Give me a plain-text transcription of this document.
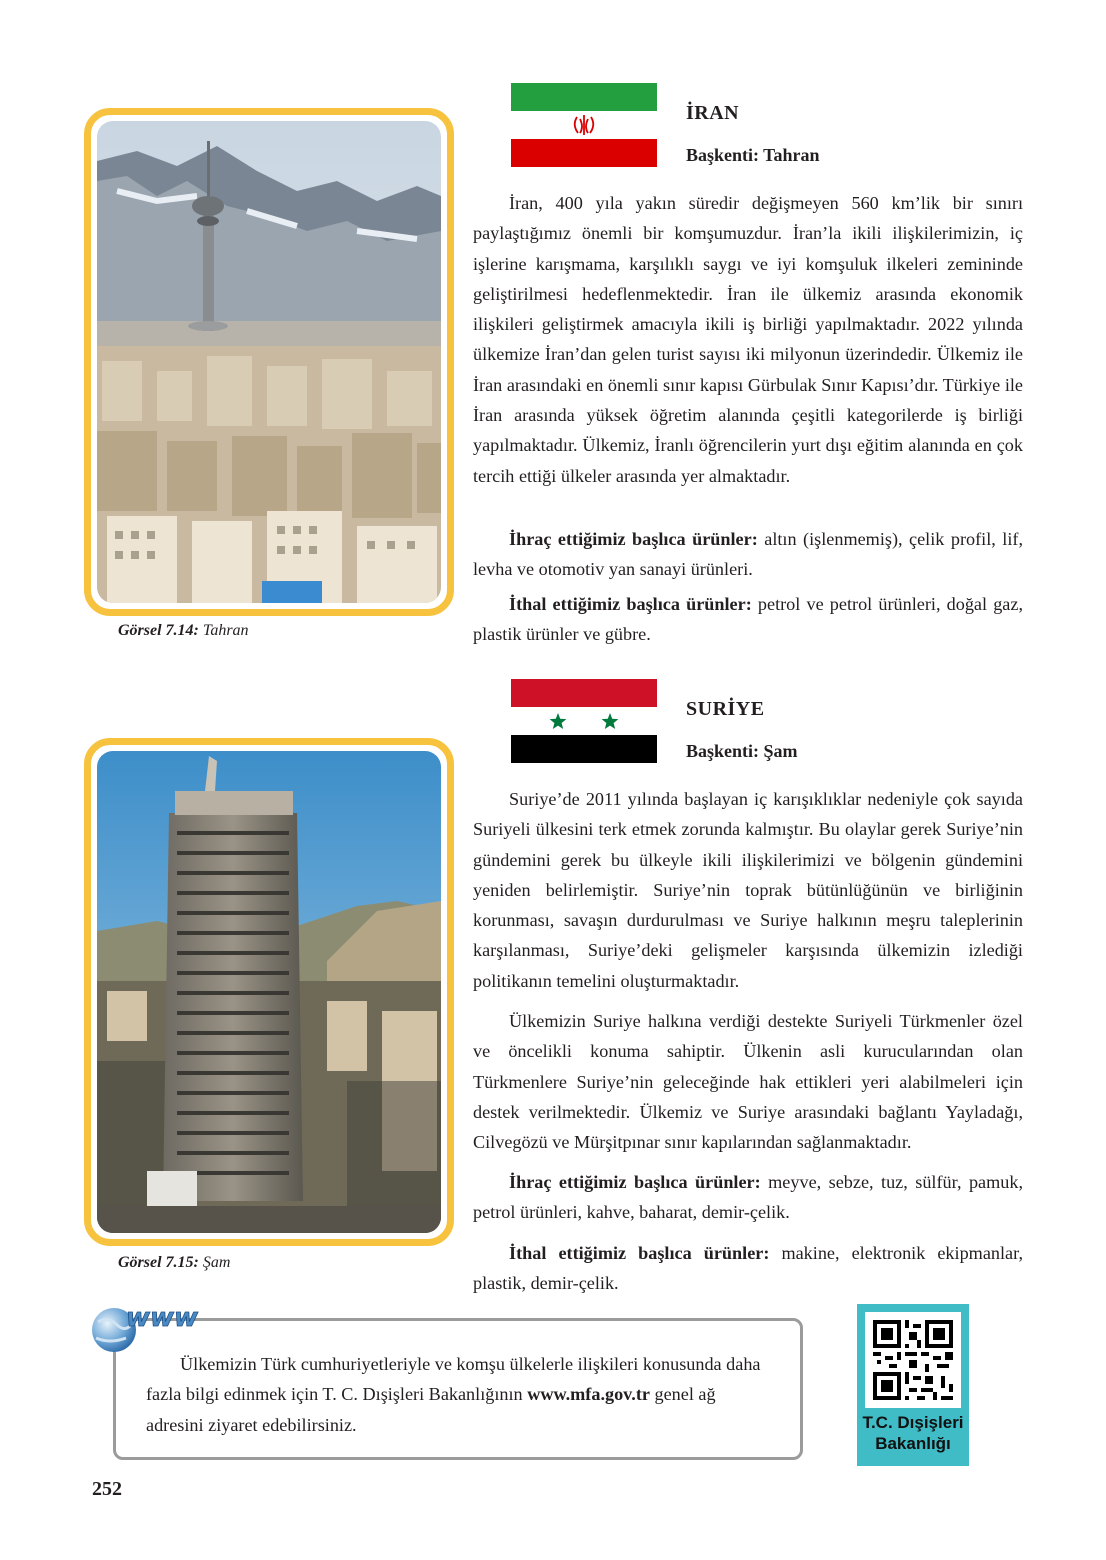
Görsel 7.14: Tahran
İRAN
Başkenti: Tahran

İran, 400 yıla yakın süredir değişmeyen 560 km’lik bir sınırı paylaştığımız önemli bir komşumuzdur. İran’la ikili ilişkilerimizin, iç işlerine karışmama, karşılıklı saygı ve iyi komşuluk ilkeleri zemininde geliştirilmesi hedeflenmektedir. İran ile ülkemiz arasında ekonomik ilişkileri geliştirmek amacıyla ikili iş birliği yapılmaktadır. 2022 yılında ülkemize İran’dan gelen turist sayısı iki milyonun üzerindedir. Ülkemiz ile İran arasındaki en önemli sınır kapısı Gürbulak Sınır Kapısı’dır. Türkiye ile İran arasında yüksek öğretim alanında çeşitli kategorilerde iş birliği yapılmaktadır. Ülkemiz, İranlı öğrencilerin yurt dışı eğitim alanında en çok tercih ettiği ülkeler arasında yer almaktadır.

İhraç ettiğimiz başlıca ürünler: altın (işlenmemiş), çelik profil, lif, levha ve otomotiv yan sanayi ürünleri.

İthal ettiğimiz başlıca ürünler: petrol ve petrol ürünleri, doğal gaz, plastik ürünler ve gübre.

Görsel 7.15: Şam
SURİYE
Başkenti: Şam

Suriye’de 2011 yılında başlayan iç karışıklıklar nedeniyle çok sayıda Suriyeli ülkesini terk etmek zorunda kalmıştır. Bu olaylar gerek Suriye’nin gündemini gerek bu ülkeyle ikili ilişkilerimizi ve bölgenin gündemini yeniden belirlemiştir. Suriye’nin toprak bütünlüğünün ve birliğinin korunması, savaşın durdurulması ve Suriye halkının meşru taleplerinin karşılanması, Suriye’deki gelişmeler karşısında ülkemizin izlediği politikanın temelini oluşturmaktadır.

Ülkemizin Suriye halkına verdiği destekte Suriyeli Türkmenler özel ve öncelikli konuma sahiptir. Ülkenin asli kurucularından olan Türkmenlere Suriye’nin geleceğinde hak ettikleri yeri alabilmeleri için destek verilmektedir. Ülkemiz ve Suriye arasındaki bağlantı Yayladağı, Cilvegözü ve Mürşitpınar sınır kapılarından sağlanmaktadır.

İhraç ettiğimiz başlıca ürünler: meyve, sebze, tuz, sülfür, pamuk, petrol ürünleri, kahve, baharat, demir-çelik.

İthal ettiğimiz başlıca ürünler: makine, elektronik ekipmanlar, plastik, demir-çelik.

Ülkemizin Türk cumhuriyetleriyle ve komşu ülkelerle ilişkileri konusunda daha fazla bilgi edinmek için T. C. Dışişleri Bakanlığının www.mfa.gov.tr genel ağ adresini ziyaret edebilirsiniz.

www
T.C. Dışişleri
Bakanlığı
252
